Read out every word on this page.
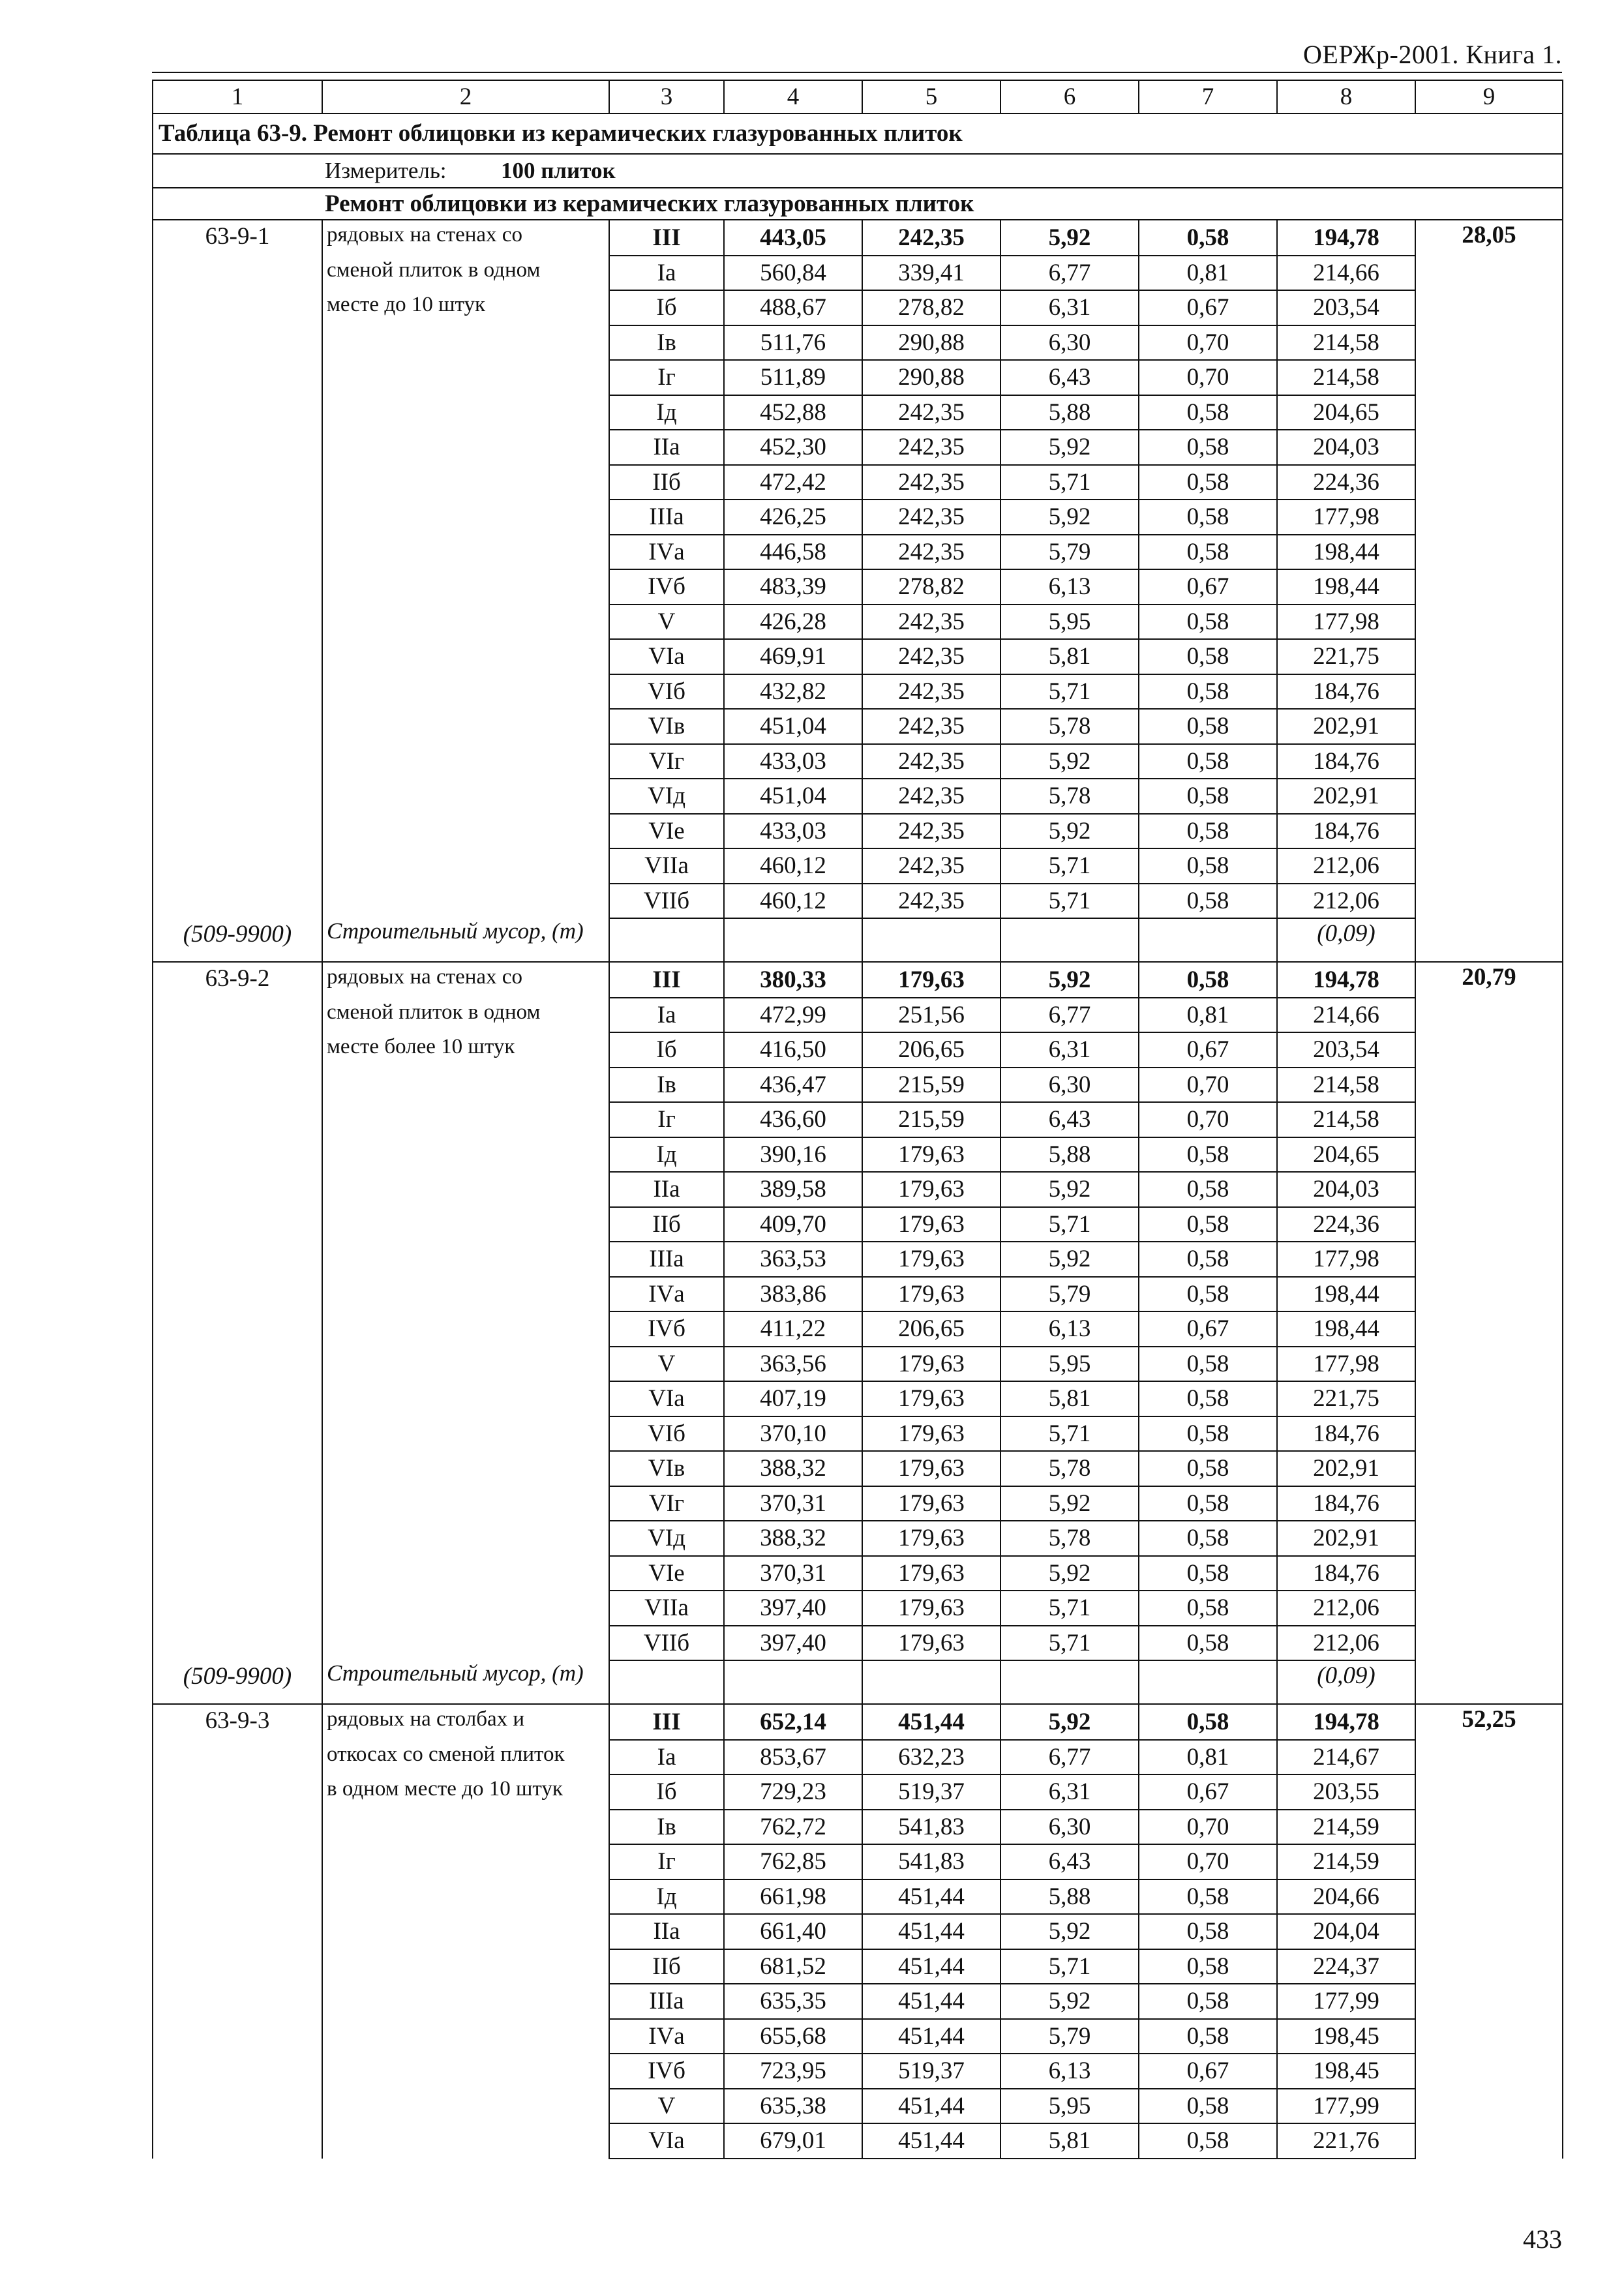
ОЕРЖр-2001. Книга 1.
1	2	3	4	5	6	7	8	9
Таблица 63-9. Ремонт облицовки из керамических глазурованных плиток								
Измеритель: 100 плиток								
Ремонт облицовки из керамических глазурованных плиток								
63-9-1	рядовых на стенах со	III	443,05	242,35	5,92	0,58	194,78	28,05
	сменой плиток в одном	Iа	560,84	339,41	6,77	0,81	214,66	
	месте до 10 штук	Iб	488,67	278,82	6,31	0,67	203,54	
		Iв	511,76	290,88	6,30	0,70	214,58	
		Iг	511,89	290,88	6,43	0,70	214,58	
		Iд	452,88	242,35	5,88	0,58	204,65	
		IIа	452,30	242,35	5,92	0,58	204,03	
		IIб	472,42	242,35	5,71	0,58	224,36	
		IIIа	426,25	242,35	5,92	0,58	177,98	
		IVа	446,58	242,35	5,79	0,58	198,44	
		IVб	483,39	278,82	6,13	0,67	198,44	
		V	426,28	242,35	5,95	0,58	177,98	
		VIа	469,91	242,35	5,81	0,58	221,75	
		VIб	432,82	242,35	5,71	0,58	184,76	
		VIв	451,04	242,35	5,78	0,58	202,91	
		VIг	433,03	242,35	5,92	0,58	184,76	
		VIд	451,04	242,35	5,78	0,58	202,91	
		VIе	433,03	242,35	5,92	0,58	184,76	
		VIIа	460,12	242,35	5,71	0,58	212,06	
		VIIб	460,12	242,35	5,71	0,58	212,06	
(509-9900)	Строительный мусор, (т)						(0,09)	
63-9-2	рядовых на стенах со	III	380,33	179,63	5,92	0,58	194,78	20,79
	сменой плиток в одном	Iа	472,99	251,56	6,77	0,81	214,66	
	месте более 10 штук	Iб	416,50	206,65	6,31	0,67	203,54	
		Iв	436,47	215,59	6,30	0,70	214,58	
		Iг	436,60	215,59	6,43	0,70	214,58	
		Iд	390,16	179,63	5,88	0,58	204,65	
		IIа	389,58	179,63	5,92	0,58	204,03	
		IIб	409,70	179,63	5,71	0,58	224,36	
		IIIа	363,53	179,63	5,92	0,58	177,98	
		IVа	383,86	179,63	5,79	0,58	198,44	
		IVб	411,22	206,65	6,13	0,67	198,44	
		V	363,56	179,63	5,95	0,58	177,98	
		VIа	407,19	179,63	5,81	0,58	221,75	
		VIб	370,10	179,63	5,71	0,58	184,76	
		VIв	388,32	179,63	5,78	0,58	202,91	
		VIг	370,31	179,63	5,92	0,58	184,76	
		VIд	388,32	179,63	5,78	0,58	202,91	
		VIе	370,31	179,63	5,92	0,58	184,76	
		VIIа	397,40	179,63	5,71	0,58	212,06	
		VIIб	397,40	179,63	5,71	0,58	212,06	
(509-9900)	Строительный мусор, (т)						(0,09)	
63-9-3	рядовых на столбах и	III	652,14	451,44	5,92	0,58	194,78	52,25
	откосах со сменой плиток	Iа	853,67	632,23	6,77	0,81	214,67	
	в одном месте до 10 штук	Iб	729,23	519,37	6,31	0,67	203,55	
		Iв	762,72	541,83	6,30	0,70	214,59	
		Iг	762,85	541,83	6,43	0,70	214,59	
		Iд	661,98	451,44	5,88	0,58	204,66	
		IIа	661,40	451,44	5,92	0,58	204,04	
		IIб	681,52	451,44	5,71	0,58	224,37	
		IIIа	635,35	451,44	5,92	0,58	177,99	
		IVа	655,68	451,44	5,79	0,58	198,45	
		IVб	723,95	519,37	6,13	0,67	198,45	
		V	635,38	451,44	5,95	0,58	177,99	
		VIа	679,01	451,44	5,81	0,58	221,76	
433
